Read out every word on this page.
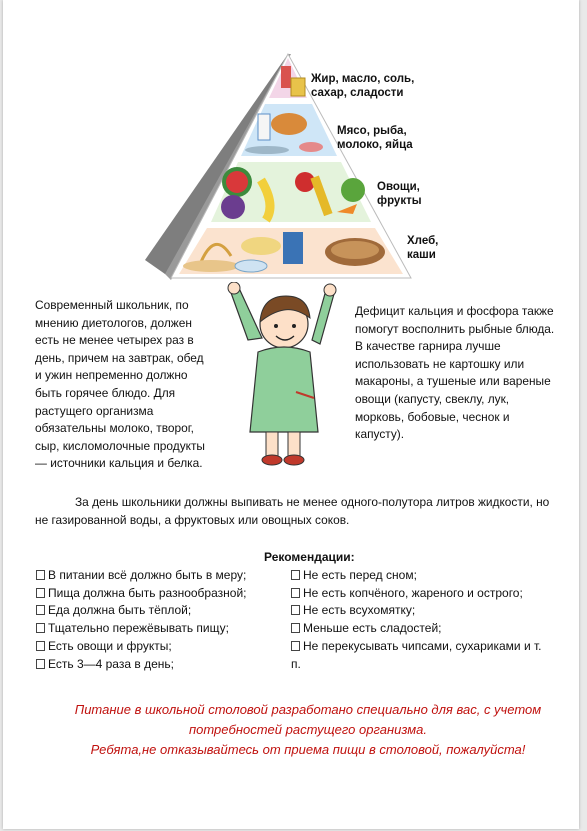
Жир, масло, соль, сахар, сладости
Мясо, рыба, молоко, яйца
Овощи, фрукты
Хлеб, каши
Современный школьник, по мнению диетологов, должен есть не менее четырех раз в день, причем на завтрак, обед и ужин непременно должно быть горячее блюдо. Для растущего организма обязательны молоко, творог, сыр, кисломолочные продукты — источники кальция и белка.
Дефицит кальция и фосфора также помогут восполнить рыбные блюда. В качестве гарнира лучше использовать не картошку или макароны, а тушеные или вареные овощи (капусту, свеклу, лук, морковь, бобовые, чеснок и капусту).
За день школьники должны выпивать не менее одного-полутора литров жидкости, но не газированной воды, а фруктовых или овощных соков.
Рекомендации:
В питании всё должно быть в меру;
Пища должна быть разнообразной;
Еда должна быть тёплой;
Тщательно пережёвывать пищу;
Есть овощи и фрукты;
Есть 3—4 раза в день;
Не есть перед сном;
Не есть копчёного, жареного и острого;
Не есть всухомятку;
Меньше есть сладостей;
Не перекусывать чипсами, сухариками и т. п.

Питание в школьной столовой разработано специально для вас, с учетом потребностей растущего организма.

Ребята,не отказывайтесь от приема пищи в столовой, пожалуйста!
